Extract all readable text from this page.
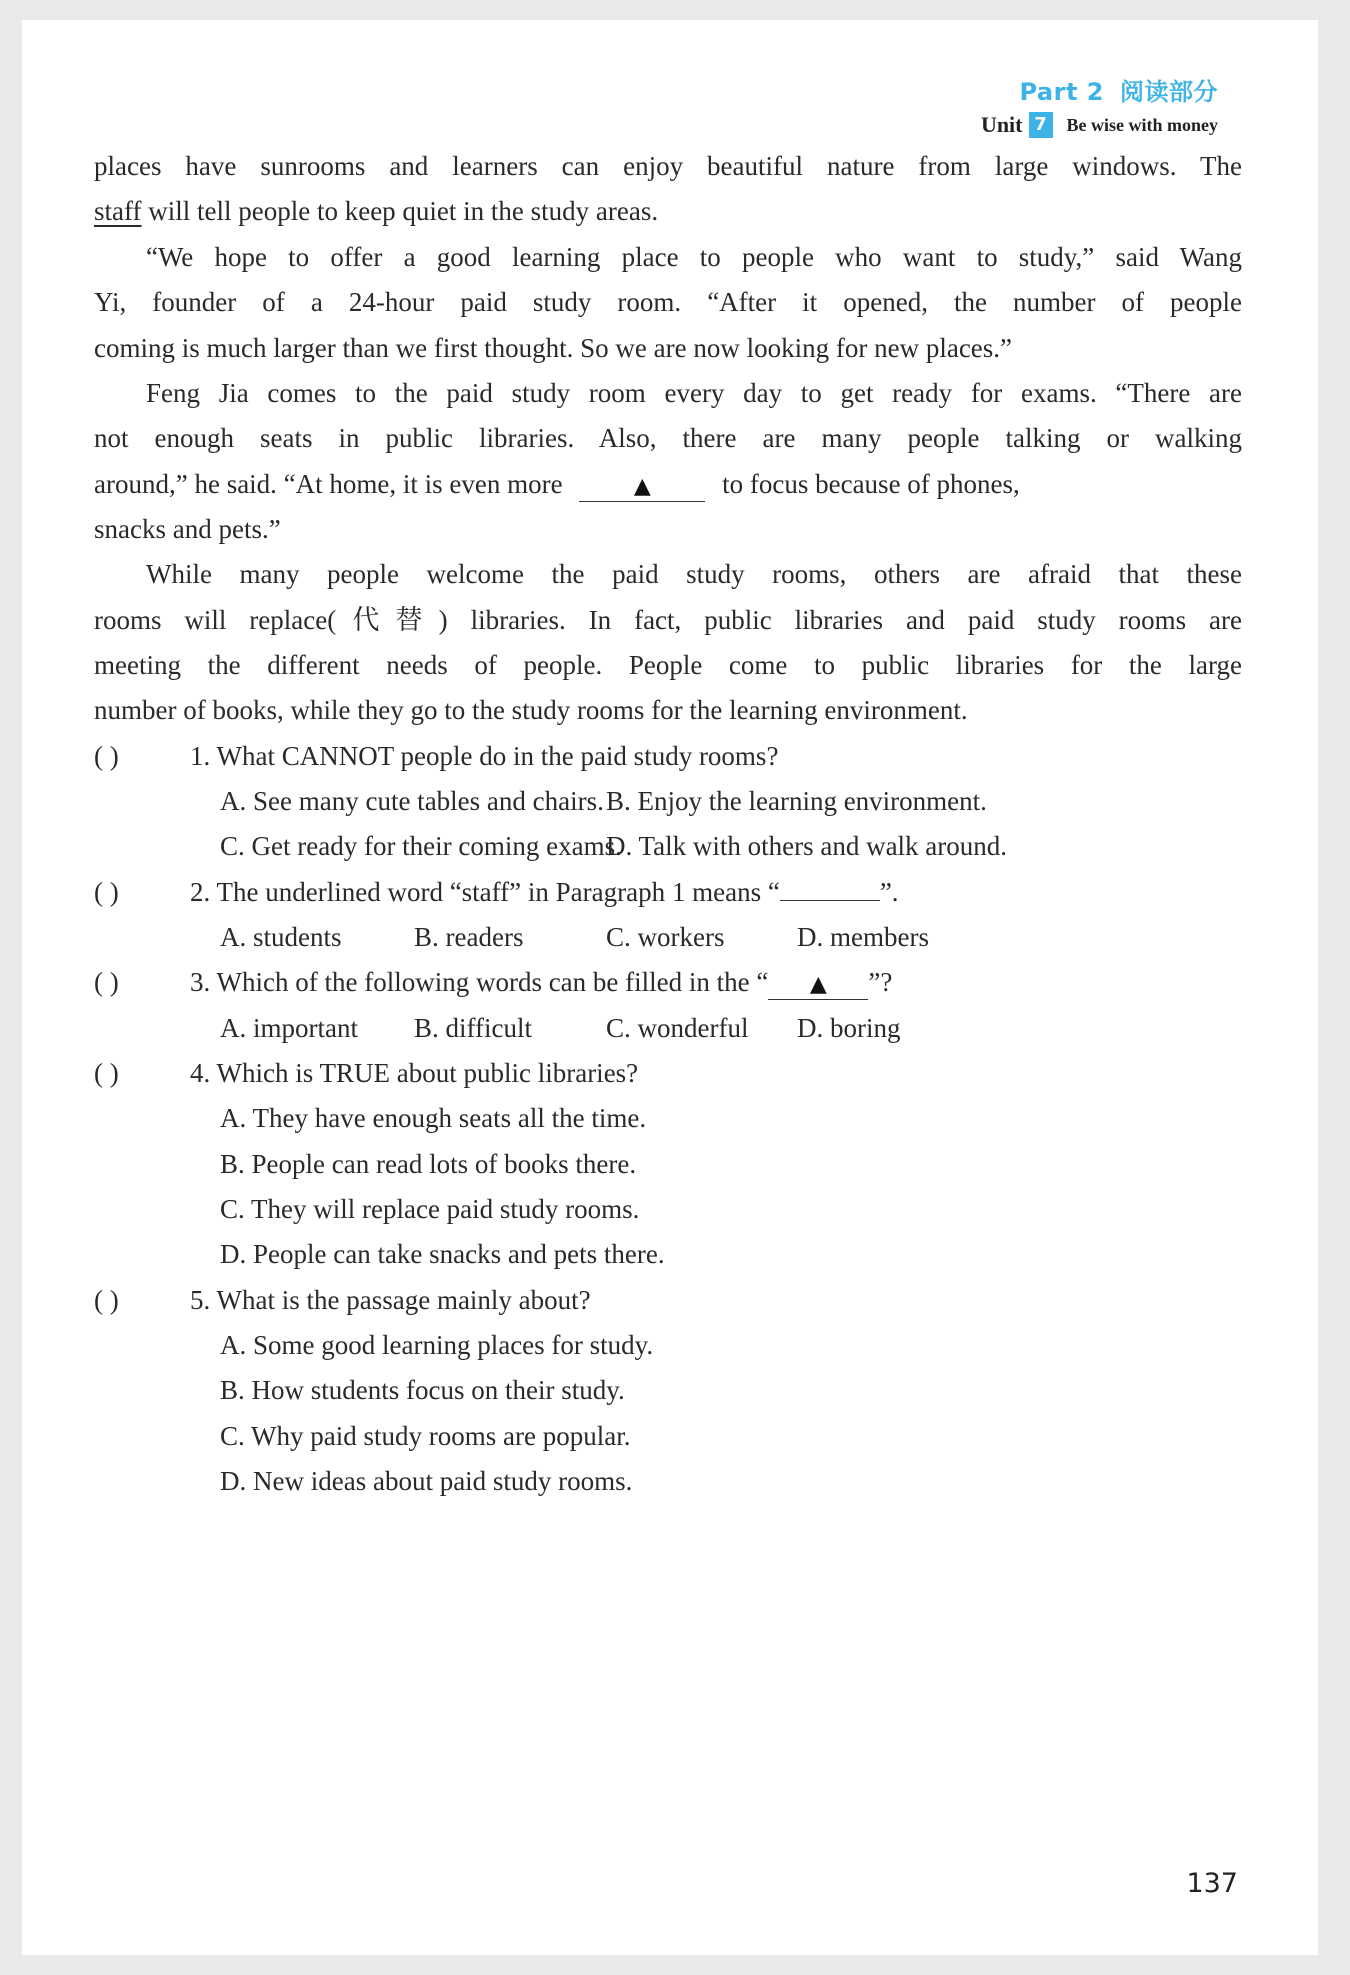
Part 2 阅读部分
Unit 7	Be wise with money
places have sunrooms and learners can enjoy beautiful nature from large windows. The
staff will tell people to keep quiet in the study areas.
“We hope to offer a good learning place to people who want to study,” said Wang
Yi, founder of a 24-hour paid study room. “After it opened, the number of people
coming is much larger than we first thought. So we are now looking for new places.”
Feng Jia comes to the paid study room every day to get ready for exams. “There are
not enough seats in public libraries. Also, there are many people talking or walking
around,” he said. “At home, it is even more	▲	to focus because of phones,
snacks and pets.”
While many people welcome the paid study rooms, others are afraid that these
rooms will replace(代替) libraries. In fact, public libraries and paid study rooms are
meeting the different needs of people. People come to public libraries for the large
number of books, while they go to the study rooms for the learning environment.
( )	1. What CANNOT people do in the paid study rooms?
A. See many cute tables and chairs. B. Enjoy the learning environment.
C. Get ready for their coming exams.
D. Talk with others and walk around.
( )	2. The underlined word “staff” in Paragraph 1 means “	”.
A. students	B. readers	C. workers	D. members
( )	3. Which of the following words can be filled in the “ ▲ ”?
A. important B. difficult	C. wonderful D. boring
( )	4. Which is TRUE about public libraries?
A. They have enough seats all the time.
B. People can read lots of books there.
C. They will replace paid study rooms.
D. People can take snacks and pets there.
( )	5. What is the passage mainly about?
A. Some good learning places for study.
B. How students focus on their study.
C. Why paid study rooms are popular.
D. New ideas about paid study rooms.
137
